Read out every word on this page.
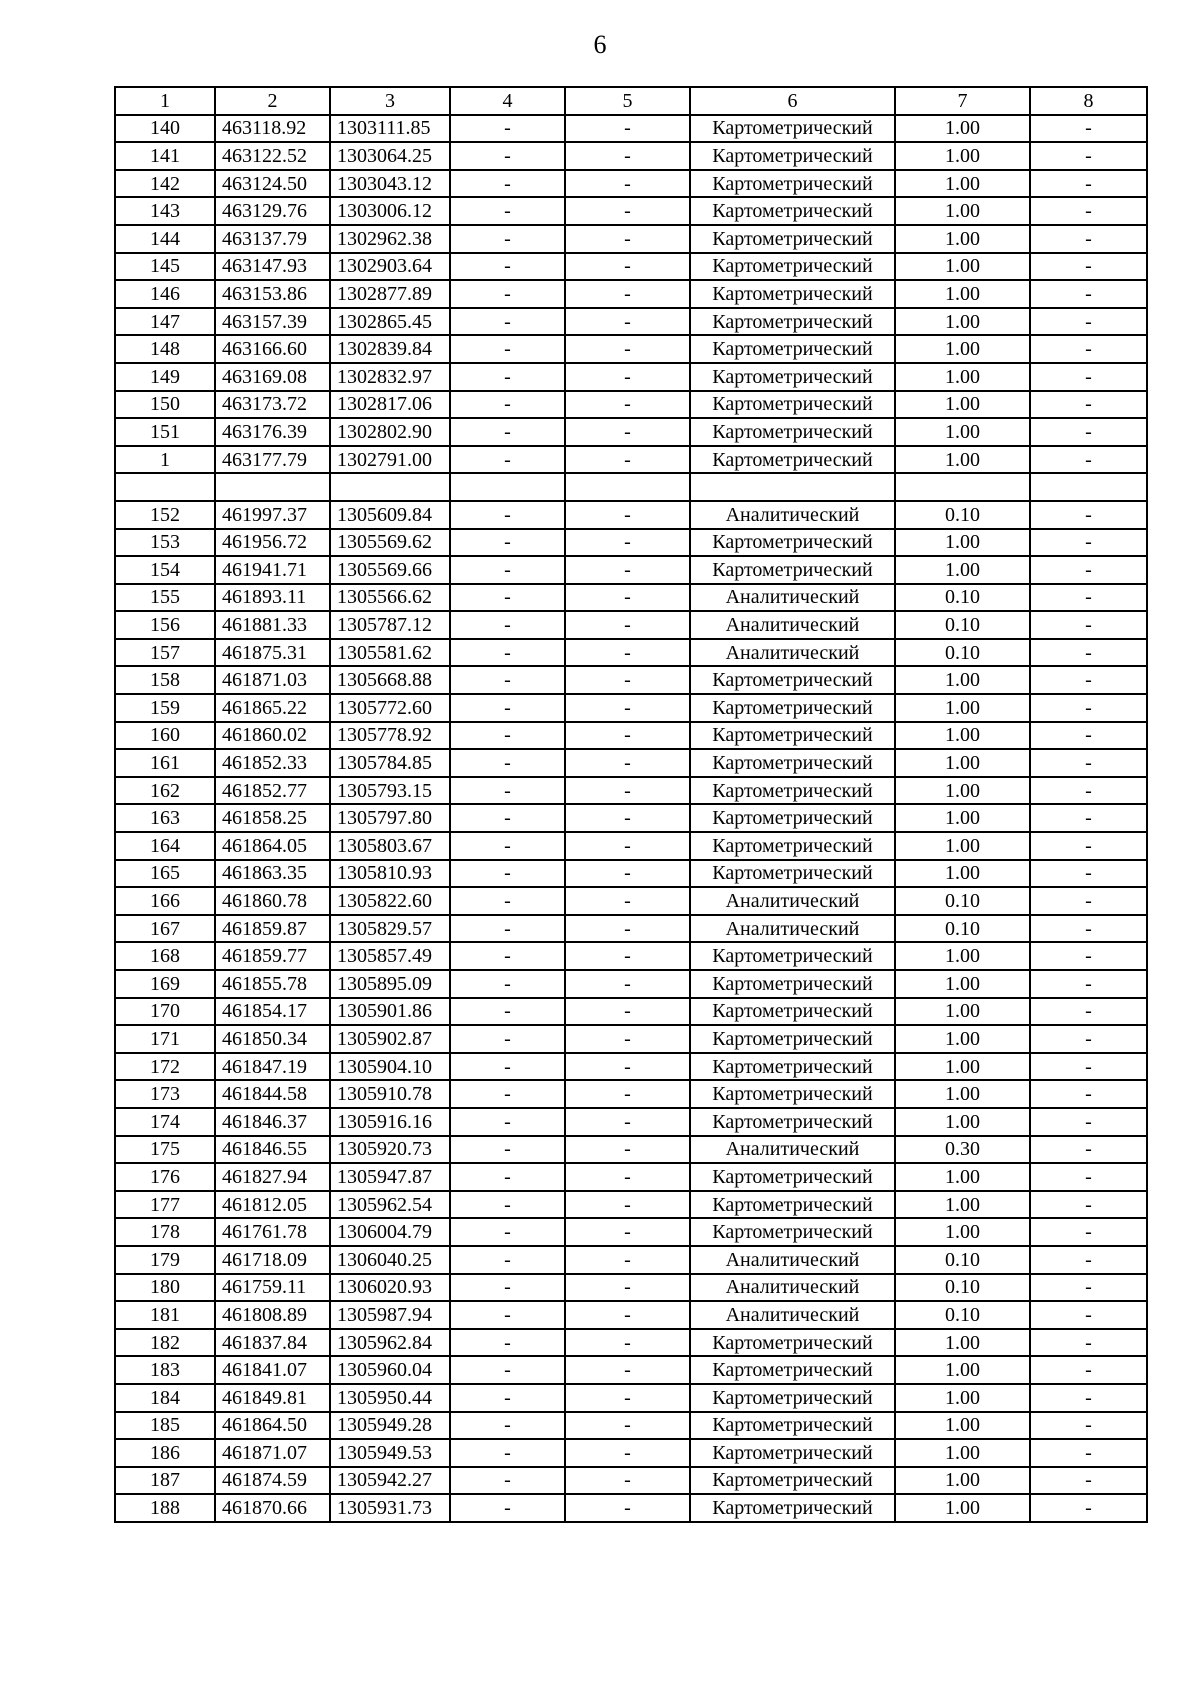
6
1	2	3	4	5	6	7	8
140	463118.92	1303111.85	-	-	Картометрический	1.00	-
141	463122.52	1303064.25	-	-	Картометрический	1.00	-
142	463124.50	1303043.12	-	-	Картометрический	1.00	-
143	463129.76	1303006.12	-	-	Картометрический	1.00	-
144	463137.79	1302962.38	-	-	Картометрический	1.00	-
145	463147.93	1302903.64	-	-	Картометрический	1.00	-
146	463153.86	1302877.89	-	-	Картометрический	1.00	-
147	463157.39	1302865.45	-	-	Картометрический	1.00	-
148	463166.60	1302839.84	-	-	Картометрический	1.00	-
149	463169.08	1302832.97	-	-	Картометрический	1.00	-
150	463173.72	1302817.06	-	-	Картометрический	1.00	-
151	463176.39	1302802.90	-	-	Картометрический	1.00	-
1	463177.79	1302791.00	-	-	Картометрический	1.00	-

152	461997.37	1305609.84	-	-	Аналитический	0.10	-
153	461956.72	1305569.62	-	-	Картометрический	1.00	-
154	461941.71	1305569.66	-	-	Картометрический	1.00	-
155	461893.11	1305566.62	-	-	Аналитический	0.10	-
156	461881.33	1305787.12	-	-	Аналитический	0.10	-
157	461875.31	1305581.62	-	-	Аналитический	0.10	-
158	461871.03	1305668.88	-	-	Картометрический	1.00	-
159	461865.22	1305772.60	-	-	Картометрический	1.00	-
160	461860.02	1305778.92	-	-	Картометрический	1.00	-
161	461852.33	1305784.85	-	-	Картометрический	1.00	-
162	461852.77	1305793.15	-	-	Картометрический	1.00	-
163	461858.25	1305797.80	-	-	Картометрический	1.00	-
164	461864.05	1305803.67	-	-	Картометрический	1.00	-
165	461863.35	1305810.93	-	-	Картометрический	1.00	-
166	461860.78	1305822.60	-	-	Аналитический	0.10	-
167	461859.87	1305829.57	-	-	Аналитический	0.10	-
168	461859.77	1305857.49	-	-	Картометрический	1.00	-
169	461855.78	1305895.09	-	-	Картометрический	1.00	-
170	461854.17	1305901.86	-	-	Картометрический	1.00	-
171	461850.34	1305902.87	-	-	Картометрический	1.00	-
172	461847.19	1305904.10	-	-	Картометрический	1.00	-
173	461844.58	1305910.78	-	-	Картометрический	1.00	-
174	461846.37	1305916.16	-	-	Картометрический	1.00	-
175	461846.55	1305920.73	-	-	Аналитический	0.30	-
176	461827.94	1305947.87	-	-	Картометрический	1.00	-
177	461812.05	1305962.54	-	-	Картометрический	1.00	-
178	461761.78	1306004.79	-	-	Картометрический	1.00	-
179	461718.09	1306040.25	-	-	Аналитический	0.10	-
180	461759.11	1306020.93	-	-	Аналитический	0.10	-
181	461808.89	1305987.94	-	-	Аналитический	0.10	-
182	461837.84	1305962.84	-	-	Картометрический	1.00	-
183	461841.07	1305960.04	-	-	Картометрический	1.00	-
184	461849.81	1305950.44	-	-	Картометрический	1.00	-
185	461864.50	1305949.28	-	-	Картометрический	1.00	-
186	461871.07	1305949.53	-	-	Картометрический	1.00	-
187	461874.59	1305942.27	-	-	Картометрический	1.00	-
188	461870.66	1305931.73	-	-	Картометрический	1.00	-
